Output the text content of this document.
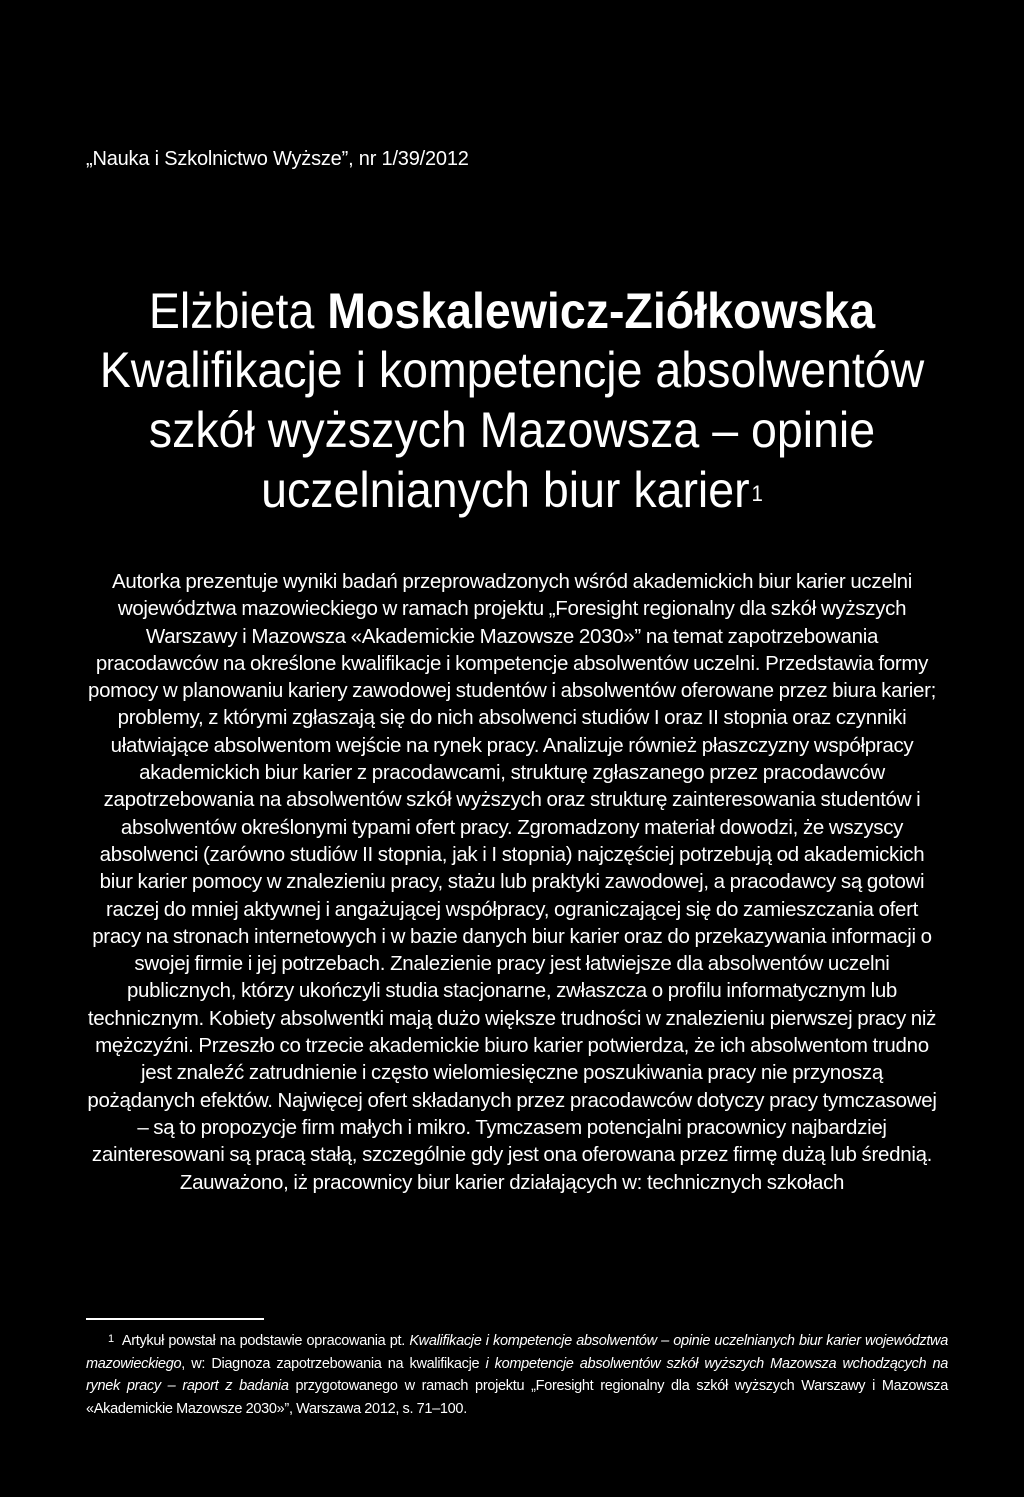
„Nauka i Szkolnictwo Wyższe”, nr 1/39/2012
Elżbieta Moskalewicz-Ziółkowska
Kwalifikacje i kompetencje absolwentów
szkół wyższych Mazowsza – opinie
uczelnianych biur karier$^1$
Autorka prezentuje wyniki badań przeprowadzonych wśród akademickich biur karier uczelni województwa mazowieckiego w ramach projektu „Foresight regionalny dla szkół wyższych Warszawy i Mazowsza «Akademickie Mazowsze 2030»” na temat zapotrzebowania pracodawców na określone kwalifikacje i kompetencje absolwentów uczelni. Przedstawia formy pomocy w planowaniu kariery zawodowej studentów i absolwentów oferowane przez biura karier; problemy, z którymi zgłaszają się do nich absolwenci studiów I oraz II stopnia oraz czynniki ułatwiające absolwentom wejście na rynek pracy. Analizuje również płaszczyzny współpracy akademickich biur karier z pracodawcami, strukturę zgłaszanego przez pracodawców zapotrzebowania na absolwentów szkół wyższych oraz strukturę zainteresowania studentów i absolwentów określonymi typami ofert pracy. Zgromadzony materiał dowodzi, że wszyscy absolwenci (zarówno studiów II stopnia, jak i I stopnia) najczęściej potrzebują od akademickich biur karier pomocy w znalezieniu pracy, stażu lub praktyki zawodowej, a pracodawcy są gotowi raczej do mniej aktywnej i angażującej współpracy, ograniczającej się do zamieszczania ofert pracy na stronach internetowych i w bazie danych biur karier oraz do przekazywania informacji o swojej firmie i jej potrzebach. Znalezienie pracy jest łatwiejsze dla absolwentów uczelni publicznych, którzy ukończyli studia stacjonarne, zwłaszcza o profilu informatycznym lub technicznym. Kobiety absolwentki mają dużo większe trudności w znalezieniu pierwszej pracy niż mężczyźni. Przeszło co trzecie akademickie biuro karier potwierdza, że ich absolwentom trudno jest znaleźć zatrudnienie i często wielomiesięczne poszukiwania pracy nie przynoszą pożądanych efektów. Najwięcej ofert składanych przez pracodawców dotyczy pracy tymczasowej – są to propozycje firm małych i mikro. Tymczasem potencjalni pracownicy najbardziej zainteresowani są pracą stałą, szczególnie gdy jest ona oferowana przez firmę dużą lub średnią. Zauważono, iż pracownicy biur karier działających w: technicznych szkołach
$^1$ Artykuł powstał na podstawie opracowania pt. Kwalifikacje i kompetencje absolwentów – opinie uczelnianych biur karier województwa mazowieckiego, w: Diagnoza zapotrzebowania na kwalifikacje i kompetencje absolwentów szkół wyższych Mazowsza wchodzących na rynek pracy – raport z badania przygotowanego w ramach projektu „Foresight regionalny dla szkół wyższych Warszawy i Mazowsza «Akademickie Mazowsze 2030»”, Warszawa 2012, s. 71–100.
